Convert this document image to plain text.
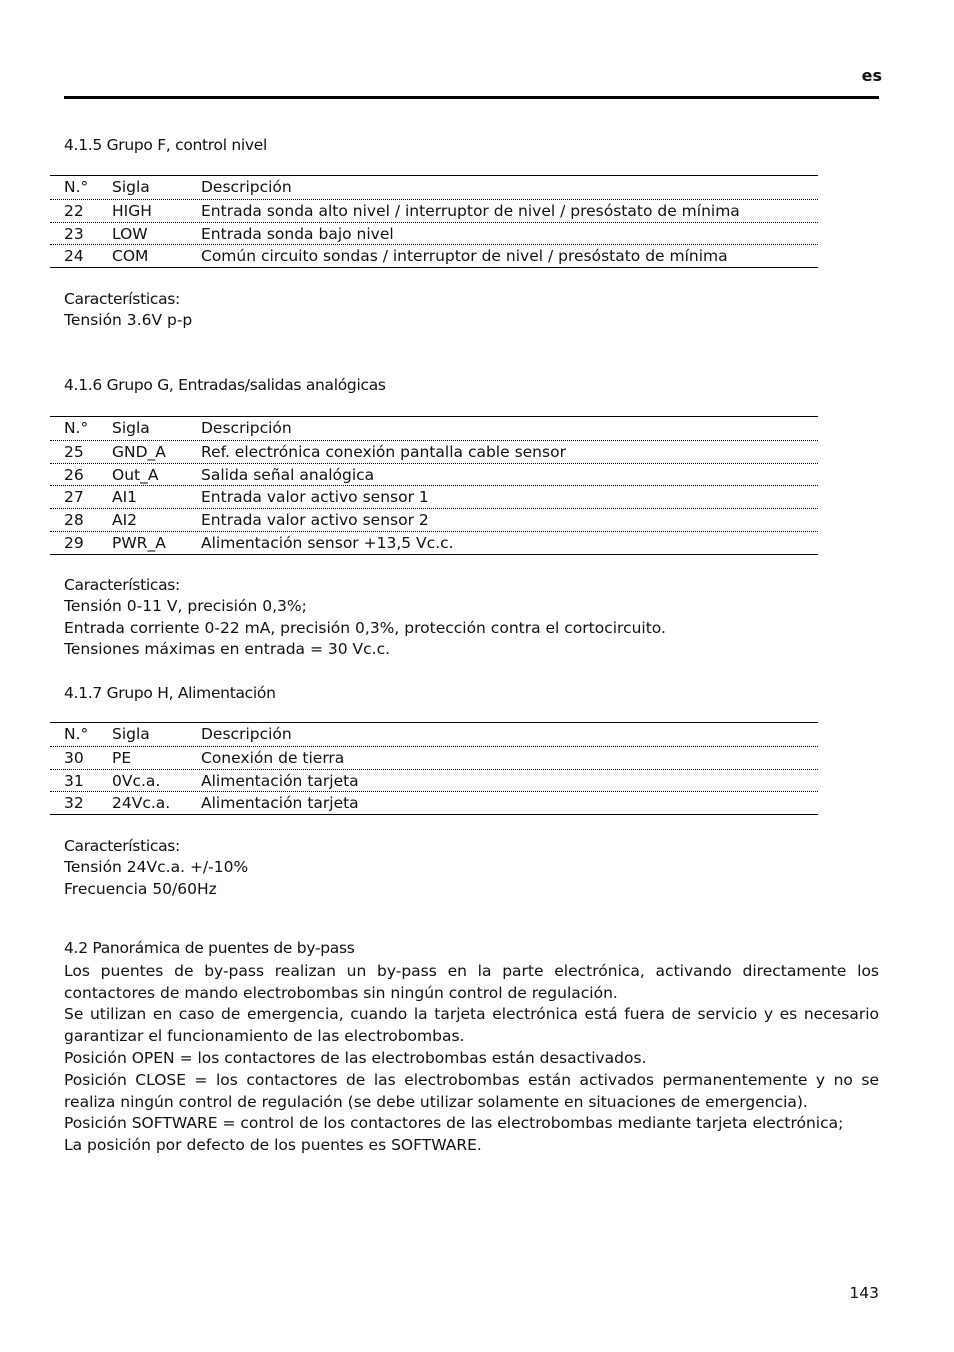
es
4.1.5 Grupo F, control nivel
N.° Sigla	Descripción
22 HIGH	Entrada sonda alto nivel / interruptor de nivel / presóstato de mínima
23 LOW	Entrada sonda bajo nivel
24 COM	Común circuito sondas / interruptor de nivel / presóstato de mínima
Características:
Tensión 3.6V p-p
4.1.6 Grupo G, Entradas/salidas analógicas
N.° Sigla	Descripción
25 GND_A Ref. electrónica conexión pantalla cable sensor
26 Out_A	Salida señal analógica
27 AI1	Entrada valor activo sensor 1
28 AI2	Entrada valor activo sensor 2
29 PWR_A Alimentación sensor +13,5 Vc.c.
Características:
Tensión 0-11 V, precisión 0,3%;
Entrada corriente 0-22 mA, precisión 0,3%, protección contra el cortocircuito.
Tensiones máximas en entrada = 30 Vc.c.
4.1.7 Grupo H, Alimentación
N.° Sigla	Descripción
30 PE	Conexión de tierra
31 0Vc.a.	Alimentación tarjeta
32 24Vc.a. Alimentación tarjeta
Características:
Tensión 24Vc.a. +/-10%
Frecuencia 50/60Hz
4.2 Panorámica de puentes de by-pass

Los puentes de by-pass realizan un by-pass en la parte electrónica, activando directamente los contactores de mando electrobombas sin ningún control de regulación.

Se utilizan en caso de emergencia, cuando la tarjeta electrónica está fuera de servicio y es necesario garantizar el funcionamiento de las electrobombas.

Posición OPEN = los contactores de las electrobombas están desactivados.

Posición CLOSE = los contactores de las electrobombas están activados permanentemente y no se realiza ningún control de regulación (se debe utilizar solamente en situaciones de emergencia).

Posición SOFTWARE = control de los contactores de las electrobombas mediante tarjeta electrónica;

La posición por defecto de los puentes es SOFTWARE.

143
